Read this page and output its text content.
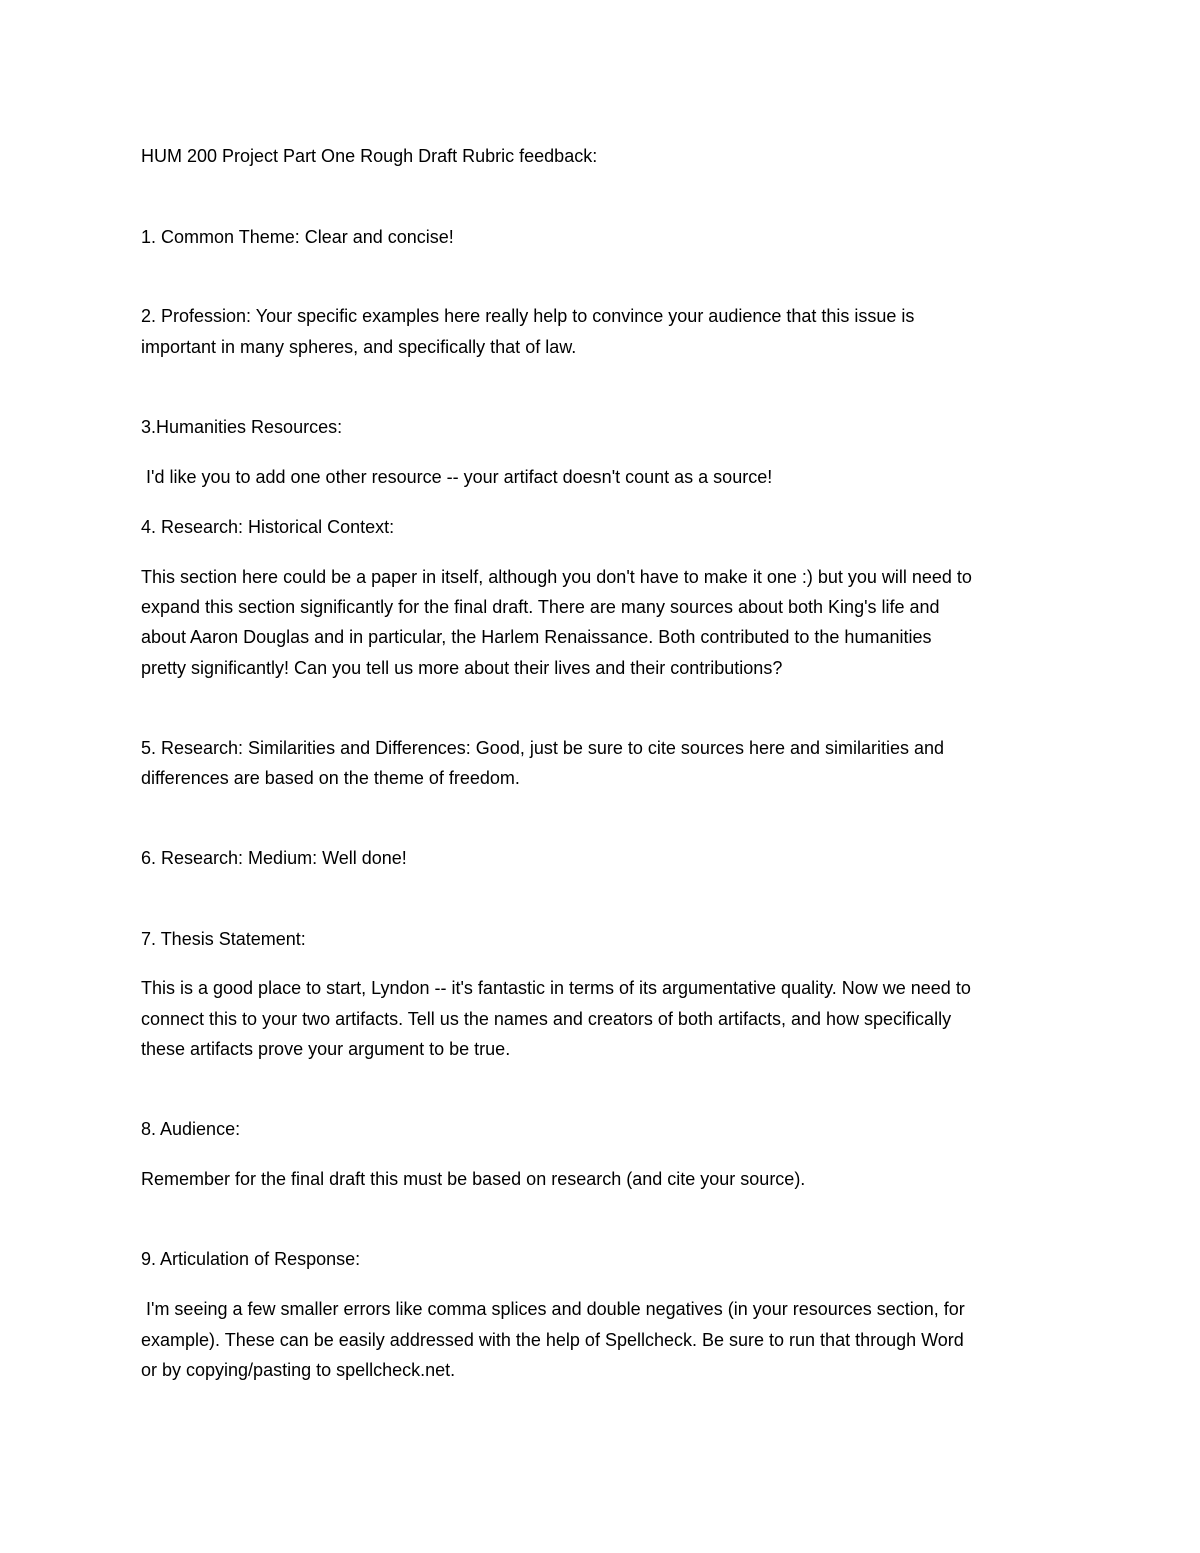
HUM 200 Project Part One Rough Draft Rubric feedback:
1. Common Theme: Clear and concise!
2. Profession: Your specific examples here really help to convince your audience that this issue is
important in many spheres, and specifically that of law.
3.Humanities Resources:
I'd like you to add one other resource -- your artifact doesn't count as a source!
4. Research: Historical Context:
This section here could be a paper in itself, although you don't have to make it one :) but you will need to
expand this section significantly for the final draft. There are many sources about both King's life and
about Aaron Douglas and in particular, the Harlem Renaissance. Both contributed to the humanities
pretty significantly! Can you tell us more about their lives and their contributions?
5. Research: Similarities and Differences: Good, just be sure to cite sources here and similarities and
differences are based on the theme of freedom.
6. Research: Medium: Well done!
7. Thesis Statement:
This is a good place to start, Lyndon -- it's fantastic in terms of its argumentative quality. Now we need to
connect this to your two artifacts. Tell us the names and creators of both artifacts, and how specifically
these artifacts prove your argument to be true.
8. Audience:
Remember for the final draft this must be based on research (and cite your source).
9. Articulation of Response:
I'm seeing a few smaller errors like comma splices and double negatives (in your resources section, for
example). These can be easily addressed with the help of Spellcheck. Be sure to run that through Word
or by copying/pasting to spellcheck.net.
